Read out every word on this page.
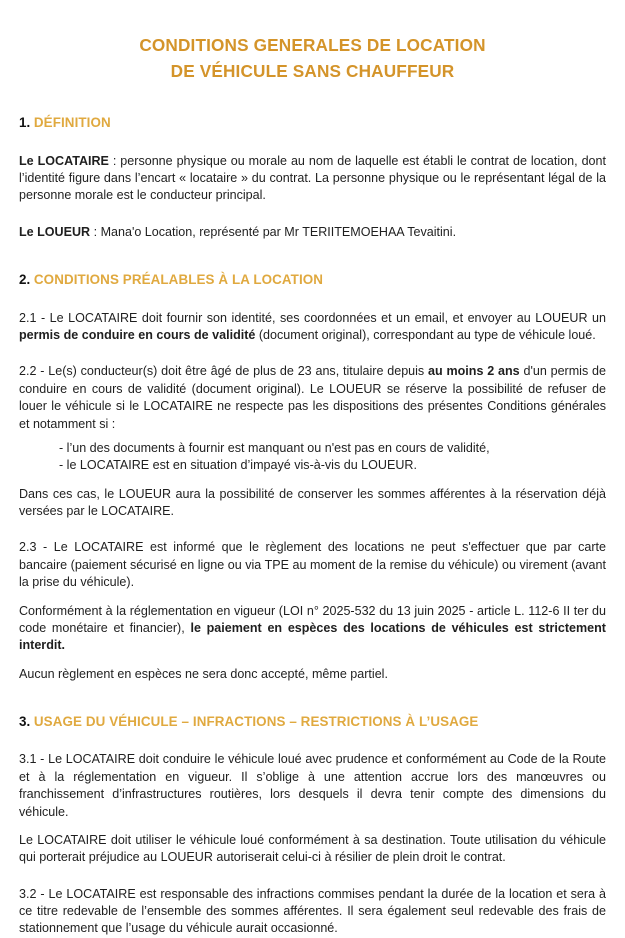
CONDITIONS GENERALES DE LOCATION
DE VÉHICULE SANS CHAUFFEUR
1. DÉFINITION

Le LOCATAIRE : personne physique ou morale au nom de laquelle est établi le contrat de location, dont l’identité figure dans l’encart « locataire » du contrat. La personne physique ou le représentant légal de la personne morale est le conducteur principal.

Le LOUEUR : Mana'o Location, représenté par Mr TERIITEMOEHAA Tevaitini.

2. CONDITIONS PRÉALABLES À LA LOCATION

2.1 - Le LOCATAIRE doit fournir son identité, ses coordonnées et un email, et envoyer au LOUEUR un permis de conduire en cours de validité (document original), correspondant au type de véhicule loué.

2.2 - Le(s) conducteur(s) doit être âgé de plus de 23 ans, titulaire depuis au moins 2 ans d'un permis de conduire en cours de validité (document original). Le LOUEUR se réserve la possibilité de refuser de louer le véhicule si le LOCATAIRE ne respecte pas les dispositions des présentes Conditions générales et notamment si :

- l’un des documents à fournir est manquant ou n'est pas en cours de validité,
- le LOCATAIRE est en situation d’impayé vis-à-vis du LOUEUR.

Dans ces cas, le LOUEUR aura la possibilité de conserver les sommes afférentes à la réservation déjà versées par le LOCATAIRE.

2.3 - Le LOCATAIRE est informé que le règlement des locations ne peut s'effectuer que par carte bancaire (paiement sécurisé en ligne ou via TPE au moment de la remise du véhicule) ou virement (avant la prise du véhicule).

Conformément à la réglementation en vigueur (LOI n° 2025-532 du 13 juin 2025 - article L. 112-6 II ter du code monétaire et financier), le paiement en espèces des locations de véhicules est strictement interdit.

Aucun règlement en espèces ne sera donc accepté, même partiel.

3. USAGE DU VÉHICULE – INFRACTIONS – RESTRICTIONS À L’USAGE

3.1 - Le LOCATAIRE doit conduire le véhicule loué avec prudence et conformément au Code de la Route et à la réglementation en vigueur. Il s’oblige à une attention accrue lors des manœuvres ou franchissement d’infrastructures routières, lors desquels il devra tenir compte des dimensions du véhicule.

Le LOCATAIRE doit utiliser le véhicule loué conformément à sa destination. Toute utilisation du véhicule qui porterait préjudice au LOUEUR autoriserait celui-ci à résilier de plein droit le contrat.

3.2 - Le LOCATAIRE est responsable des infractions commises pendant la durée de la location et sera à ce titre redevable de l’ensemble des sommes afférentes. Il sera également seul redevable des frais de stationnement que l’usage du véhicule aurait occasionné.
